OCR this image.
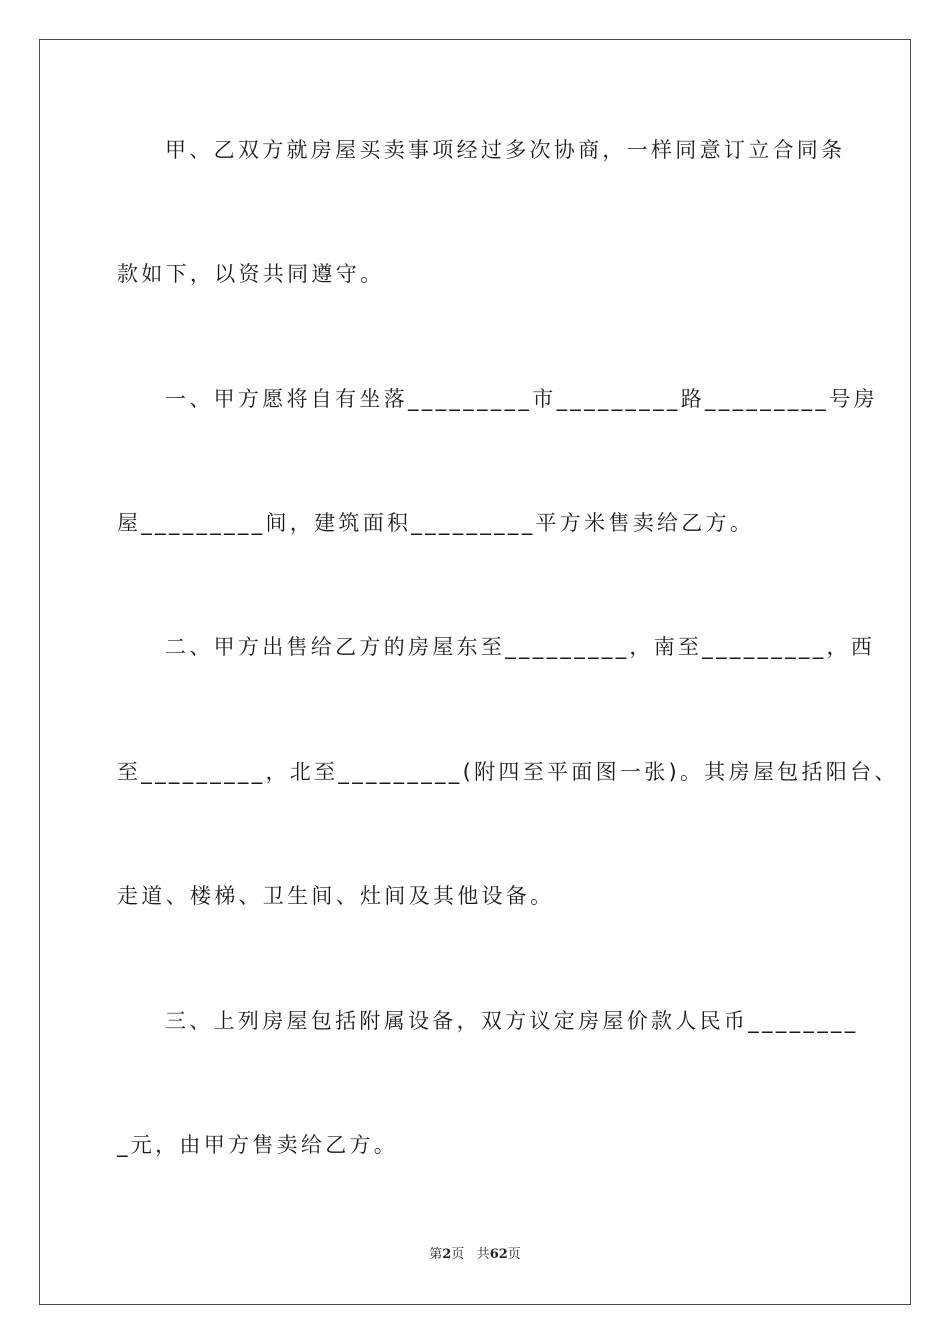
甲、乙双方就房屋买卖事项经过多次协商，一样同意订立合同条
款如下，以资共同遵守。
一、甲方愿将自有坐落_________市_________路_________号房
屋_________间，建筑面积_________平方米售卖给乙方。
二、甲方出售给乙方的房屋东至_________，南至_________，西
至_________，北至_________(附四至平面图一张)。其房屋包括阳台、
走道、楼梯、卫生间、灶间及其他设备。
三、上列房屋包括附属设备，双方议定房屋价款人民币________
_元，由甲方售卖给乙方。
第2页 共62页
